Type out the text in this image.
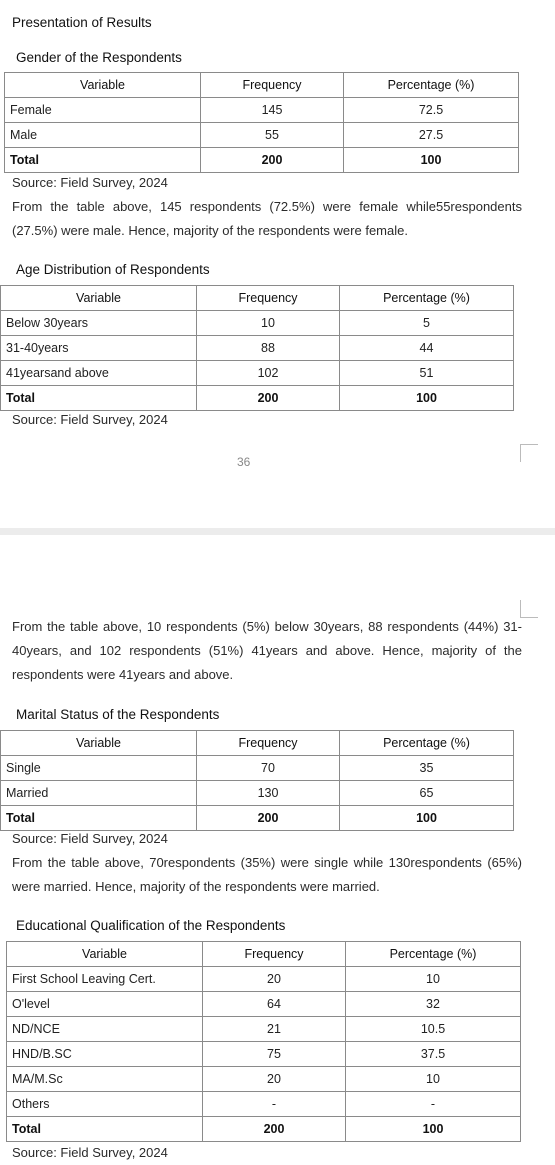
Presentation of Results
Gender of the Respondents
Variable	Frequency	Percentage (%)
Female	145	72.5
Male	55	27.5
Total	200	100
Source: Field Survey, 2024
From the table above, 145 respondents (72.5%) were female while55respondents (27.5%) were male. Hence, majority of the respondents were female.
Age Distribution of Respondents
Variable	Frequency	Percentage (%)
Below 30years	10	5
31-40years	88	44
41yearsand above	102	51
Total	200	100
Source: Field Survey, 2024
36
From the table above, 10 respondents (5%) below 30years, 88 respondents (44%) 31-40years, and 102 respondents (51%) 41years and above. Hence, majority of the respondents were 41years and above.
Marital Status of the Respondents
Variable	Frequency	Percentage (%)
Single	70	35
Married	130	65
Total	200	100
Source: Field Survey, 2024
From the table above, 70respondents (35%) were single while 130respondents (65%) were married. Hence, majority of the respondents were married.
Educational Qualification of the Respondents
Variable	Frequency	Percentage (%)
First School Leaving Cert.	20	10
O'level	64	32
ND/NCE	21	10.5
HND/B.SC	75	37.5
MA/M.Sc	20	10
Others	-	-
Total	200	100
Source: Field Survey, 2024
